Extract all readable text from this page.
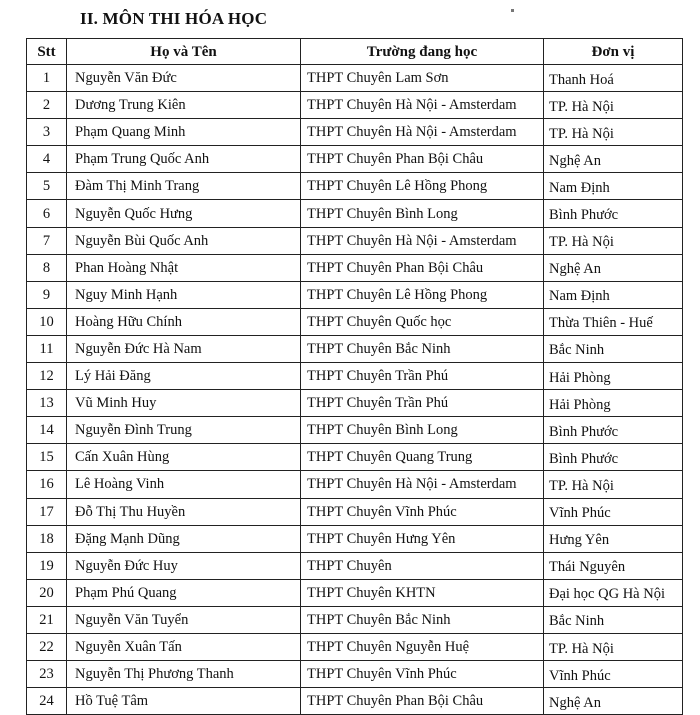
II. MÔN THI HÓA HỌC
Stt	Họ và Tên	Trường đang học	Đơn vị
1	Nguyễn Văn Đức	THPT Chuyên Lam Sơn	Thanh Hoá
2	Dương Trung Kiên	THPT Chuyên Hà Nội - Amsterdam	TP. Hà Nội
3	Phạm Quang Minh	THPT Chuyên Hà Nội - Amsterdam	TP. Hà Nội
4	Phạm Trung Quốc Anh	THPT Chuyên Phan Bội Châu	Nghệ An
5	Đàm Thị Minh Trang	THPT Chuyên Lê Hồng Phong	Nam Định
6	Nguyễn Quốc Hưng	THPT Chuyên Bình Long	Bình Phước
7	Nguyễn Bùi Quốc Anh	THPT Chuyên Hà Nội - Amsterdam	TP. Hà Nội
8	Phan Hoàng Nhật	THPT Chuyên Phan Bội Châu	Nghệ An
9	Nguy Minh Hạnh	THPT Chuyên Lê Hồng Phong	Nam Định
10	Hoàng Hữu Chính	THPT Chuyên Quốc học	Thừa Thiên - Huế
11	Nguyễn Đức Hà Nam	THPT Chuyên Bắc Ninh	Bắc Ninh
12	Lý Hải Đăng	THPT Chuyên Trần Phú	Hải Phòng
13	Vũ Minh Huy	THPT Chuyên Trần Phú	Hải Phòng
14	Nguyễn Đình Trung	THPT Chuyên Bình Long	Bình Phước
15	Cấn Xuân Hùng	THPT Chuyên Quang Trung	Bình Phước
16	Lê Hoàng Vinh	THPT Chuyên Hà Nội - Amsterdam	TP. Hà Nội
17	Đỗ Thị Thu Huyền	THPT Chuyên Vĩnh Phúc	Vĩnh Phúc
18	Đặng Mạnh Dũng	THPT Chuyên Hưng Yên	Hưng Yên
19	Nguyễn Đức Huy	THPT Chuyên	Thái Nguyên
20	Phạm Phú Quang	THPT Chuyên KHTN	Đại học QG Hà Nội
21	Nguyễn Văn Tuyển	THPT Chuyên Bắc Ninh	Bắc Ninh
22	Nguyễn Xuân Tấn	THPT Chuyên Nguyễn Huệ	TP. Hà Nội
23	Nguyễn Thị Phương Thanh	THPT Chuyên Vĩnh Phúc	Vĩnh Phúc
24	Hồ Tuệ Tâm	THPT Chuyên Phan Bội Châu	Nghệ An
